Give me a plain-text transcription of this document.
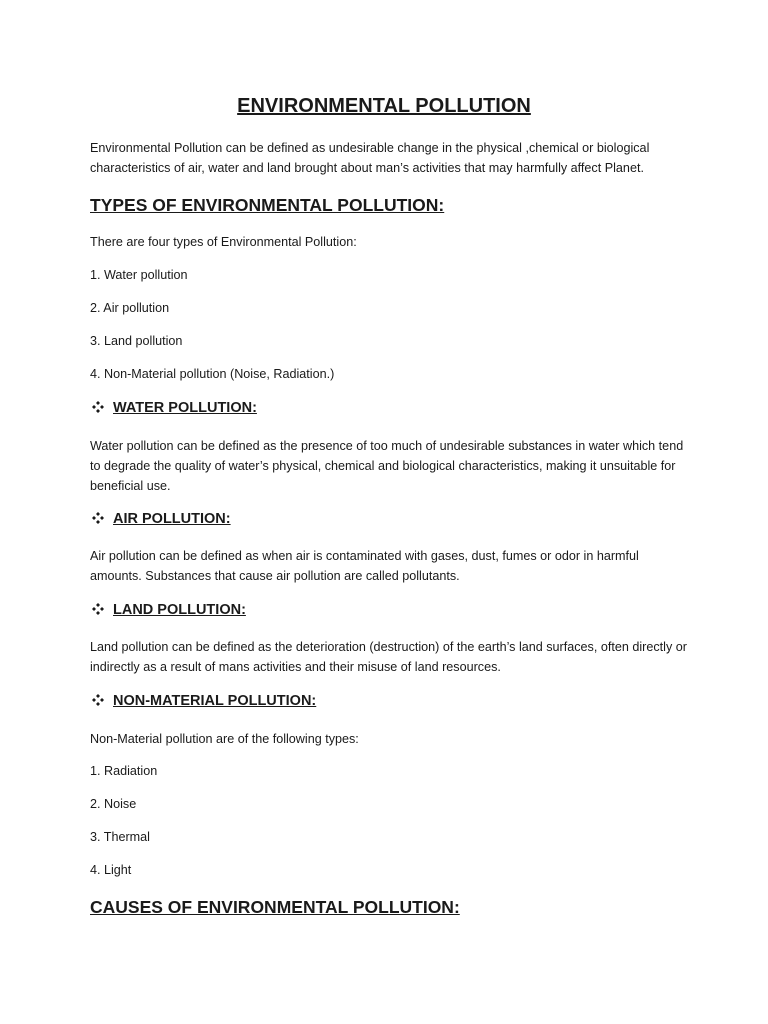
ENVIRONMENTAL POLLUTION

Environmental Pollution can be defined as undesirable change in the physical ,chemical or biological characteristics of air, water and land brought about man’s activities that may harmfully affect Planet.

TYPES OF ENVIRONMENTAL POLLUTION:
There are four types of Environmental Pollution:
1. Water pollution
2. Air pollution
3. Land pollution
4. Non-Material pollution (Noise, Radiation.)
WATER POLLUTION:

Water pollution can be defined as the presence of too much of undesirable substances in water which tend to degrade the quality of water’s physical, chemical and biological characteristics, making it unsuitable for beneficial use.

AIR POLLUTION:

Air pollution can be defined as when air is contaminated with gases, dust, fumes or odor in harmful amounts. Substances that cause air pollution are called pollutants.

LAND POLLUTION:

Land pollution can be defined as the deterioration (destruction) of the earth’s land surfaces, often directly or indirectly as a result of mans activities and their misuse of land resources.

NON-MATERIAL POLLUTION:
Non-Material pollution are of the following types:
1. Radiation
2. Noise
3. Thermal
4. Light
CAUSES OF ENVIRONMENTAL POLLUTION:
